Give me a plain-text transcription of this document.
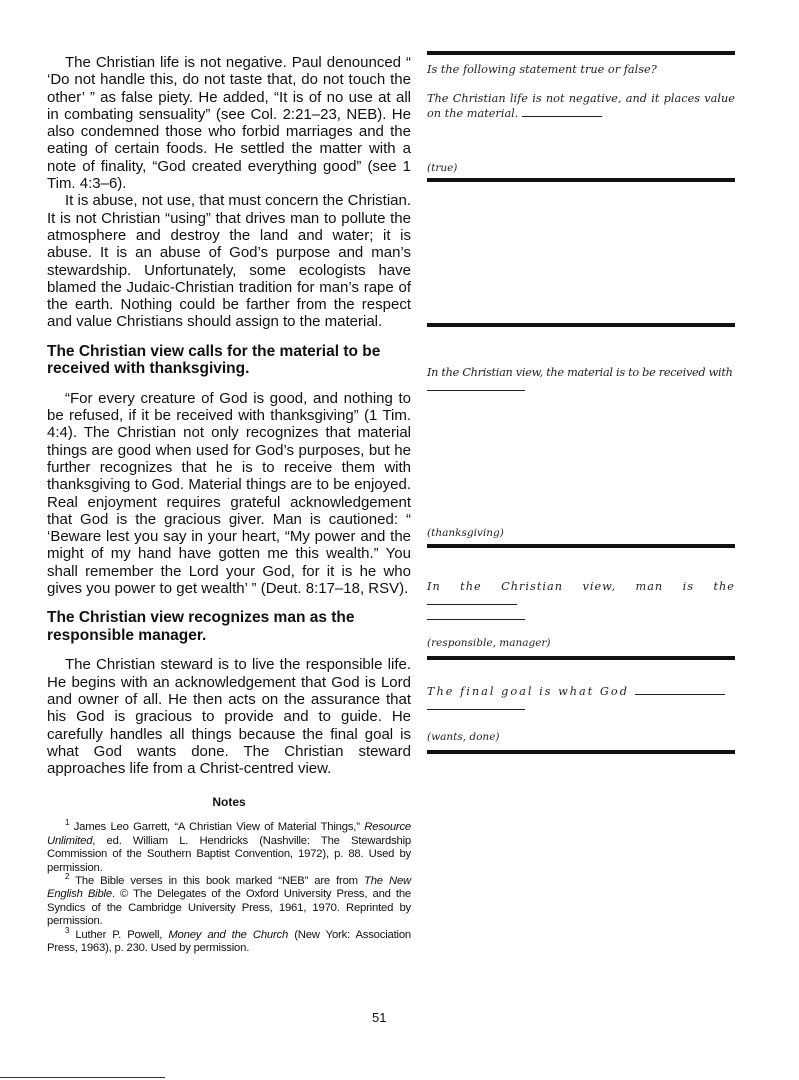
The Christian life is not negative. Paul denounced “ ‘Do not handle this, do not taste that, do not touch the other’ ” as false piety. He added, “It is of no use at all in combating sensuality” (see Col. 2:21–23, NEB). He also condemned those who forbid marriages and the eating of certain foods. He settled the matter with a note of finality, “God created everything good” (see 1 Tim. 4:3–6).

It is abuse, not use, that must concern the Christian. It is not Christian “using” that drives man to pollute the atmosphere and destroy the land and water; it is abuse. It is an abuse of God’s purpose and man’s stewardship. Unfortunately, some ecologists have blamed the Judaic-Christian tradition for man’s rape of the earth. Nothing could be farther from the respect and value Christians should assign to the material.

The Christian view calls for the material to be received with thanksgiving.

“For every creature of God is good, and nothing to be refused, if it be received with thanksgiving” (1 Tim. 4:4). The Christian not only recognizes that material things are good when used for God’s purposes, but he further recognizes that he is to receive them with thanksgiving to God. Material things are to be enjoyed. Real enjoyment requires grateful acknowledgement that God is the gracious giver. Man is cautioned: “ ‘Beware lest you say in your heart, “My power and the might of my hand have gotten me this wealth.” You shall remember the Lord your God, for it is he who gives you power to get wealth’ ” (Deut. 8:17–18, RSV).

The Christian view recognizes man as the responsible manager.

The Christian steward is to live the responsible life. He begins with an acknowledgement that God is Lord and owner of all. He then acts on the assurance that his God is gracious to provide and to guide. He carefully handles all things because the final goal is what God wants done. The Christian steward approaches life from a Christ-centred view.

Notes

$^1$ James Leo Garrett, “A Christian View of Material Things,” Resource Unlimited, ed. William L. Hendricks (Nashville: The Stewardship Commission of the Southern Baptist Convention, 1972), p. 88. Used by permission.

$^2$ The Bible verses in this book marked “NEB” are from The New English Bible. © The Delegates of the Oxford University Press, and the Syndics of the Cambridge University Press, 1961, 1970. Reprinted by permission.

$^3$ Luther P. Powell, Money and the Church (New York: Association Press, 1963), p. 230. Used by permission.

Is the following statement true or false?
The Christian life is not negative, and it places value on the material.
(true)
In the Christian view, the material is to be received with

(thanksgiving)
In the Christian view, man is the

(responsible, manager)
The final goal is what God

(wants, done)
51
